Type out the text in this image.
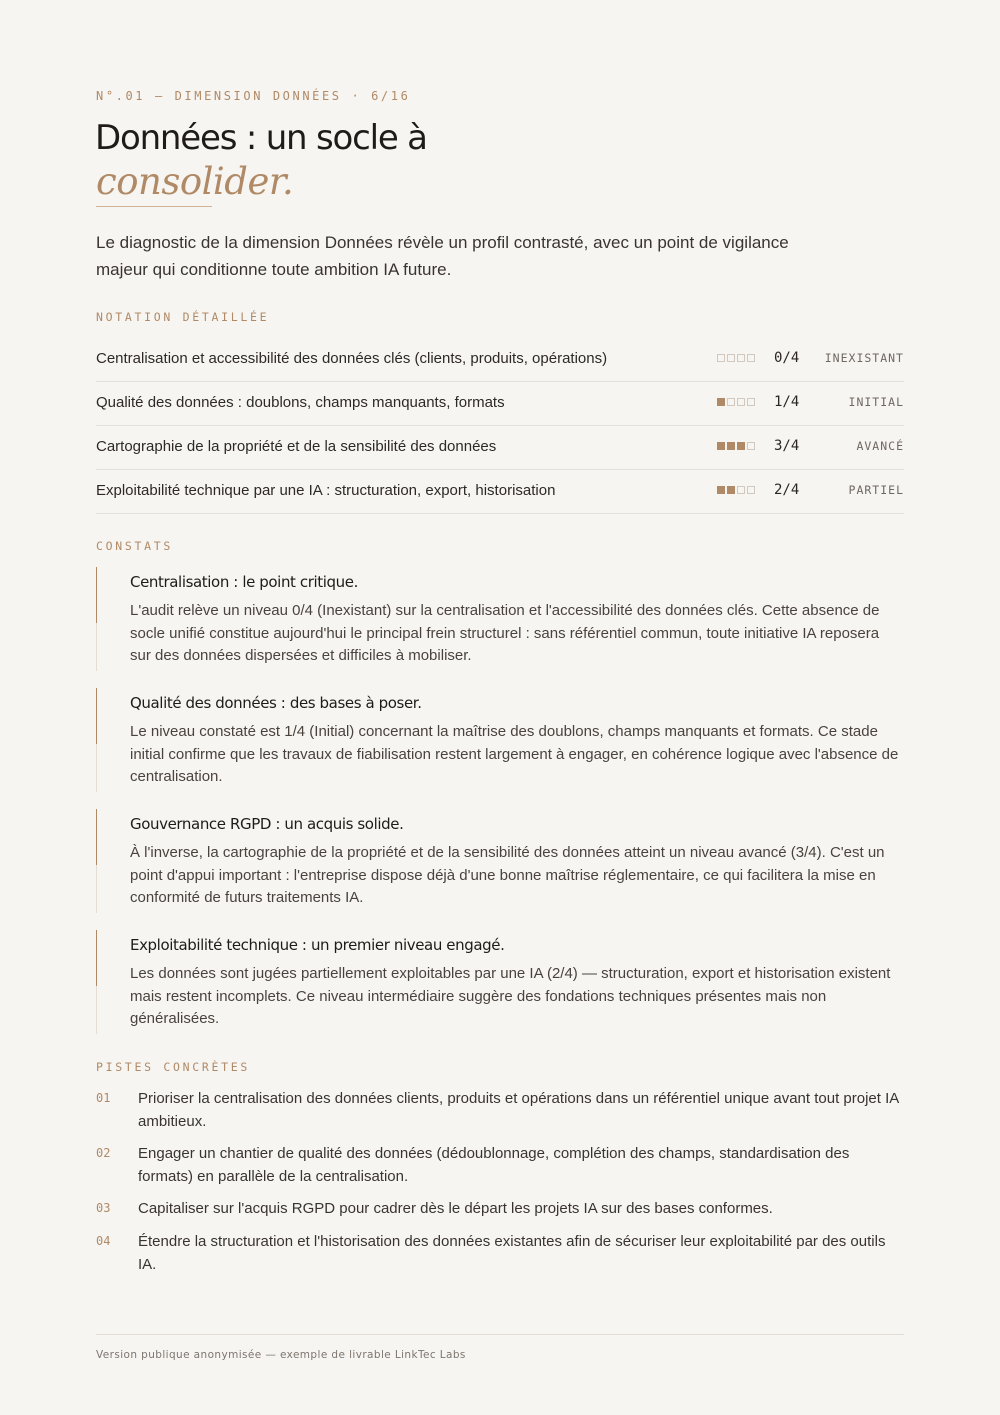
N°.01 — DIMENSION DONNÉES · 6/16
Données : un socle à
consolider.
Le diagnostic de la dimension Données révèle un profil contrasté, avec un point de vigilance majeur qui conditionne toute ambition IA future.
NOTATION DÉTAILLÉE
Centralisation et accessibilité des données clés (clients, produits, opérations)	0/4 INEXISTANT
Qualité des données : doublons, champs manquants, formats	1/4	INITIAL
Cartographie de la propriété et de la sensibilité des données	3/4	AVANCÉ
Exploitabilité technique par une IA : structuration, export, historisation	2/4	PARTIEL
CONSTATS
Centralisation : le point critique.
L'audit relève un niveau 0/4 (Inexistant) sur la centralisation et l'accessibilité des données clés. Cette absence de socle unifié constitue aujourd'hui le principal frein structurel : sans référentiel commun, toute initiative IA reposera sur des données dispersées et difficiles à mobiliser.
Qualité des données : des bases à poser.
Le niveau constaté est 1/4 (Initial) concernant la maîtrise des doublons, champs manquants et formats. Ce stade initial confirme que les travaux de fiabilisation restent largement à engager, en cohérence logique avec l'absence de centralisation.
Gouvernance RGPD : un acquis solide.
À l'inverse, la cartographie de la propriété et de la sensibilité des données atteint un niveau avancé (3/4). C'est un point d'appui important : l'entreprise dispose déjà d'une bonne maîtrise réglementaire, ce qui facilitera la mise en conformité de futurs traitements IA.
Exploitabilité technique : un premier niveau engagé.
Les données sont jugées partiellement exploitables par une IA (2/4) — structuration, export et historisation existent mais restent incomplets. Ce niveau intermédiaire suggère des fondations techniques présentes mais non généralisées.
PISTES CONCRÈTES
01 Prioriser la centralisation des données clients, produits et opérations dans un référentiel unique avant tout projet IA ambitieux.
02 Engager un chantier de qualité des données (dédoublonnage, complétion des champs, standardisation des formats) en parallèle de la centralisation.
03 Capitaliser sur l'acquis RGPD pour cadrer dès le départ les projets IA sur des bases conformes.
04 Étendre la structuration et l'historisation des données existantes afin de sécuriser leur exploitabilité par des outils IA.
Version publique anonymisée — exemple de livrable LinkTec Labs
